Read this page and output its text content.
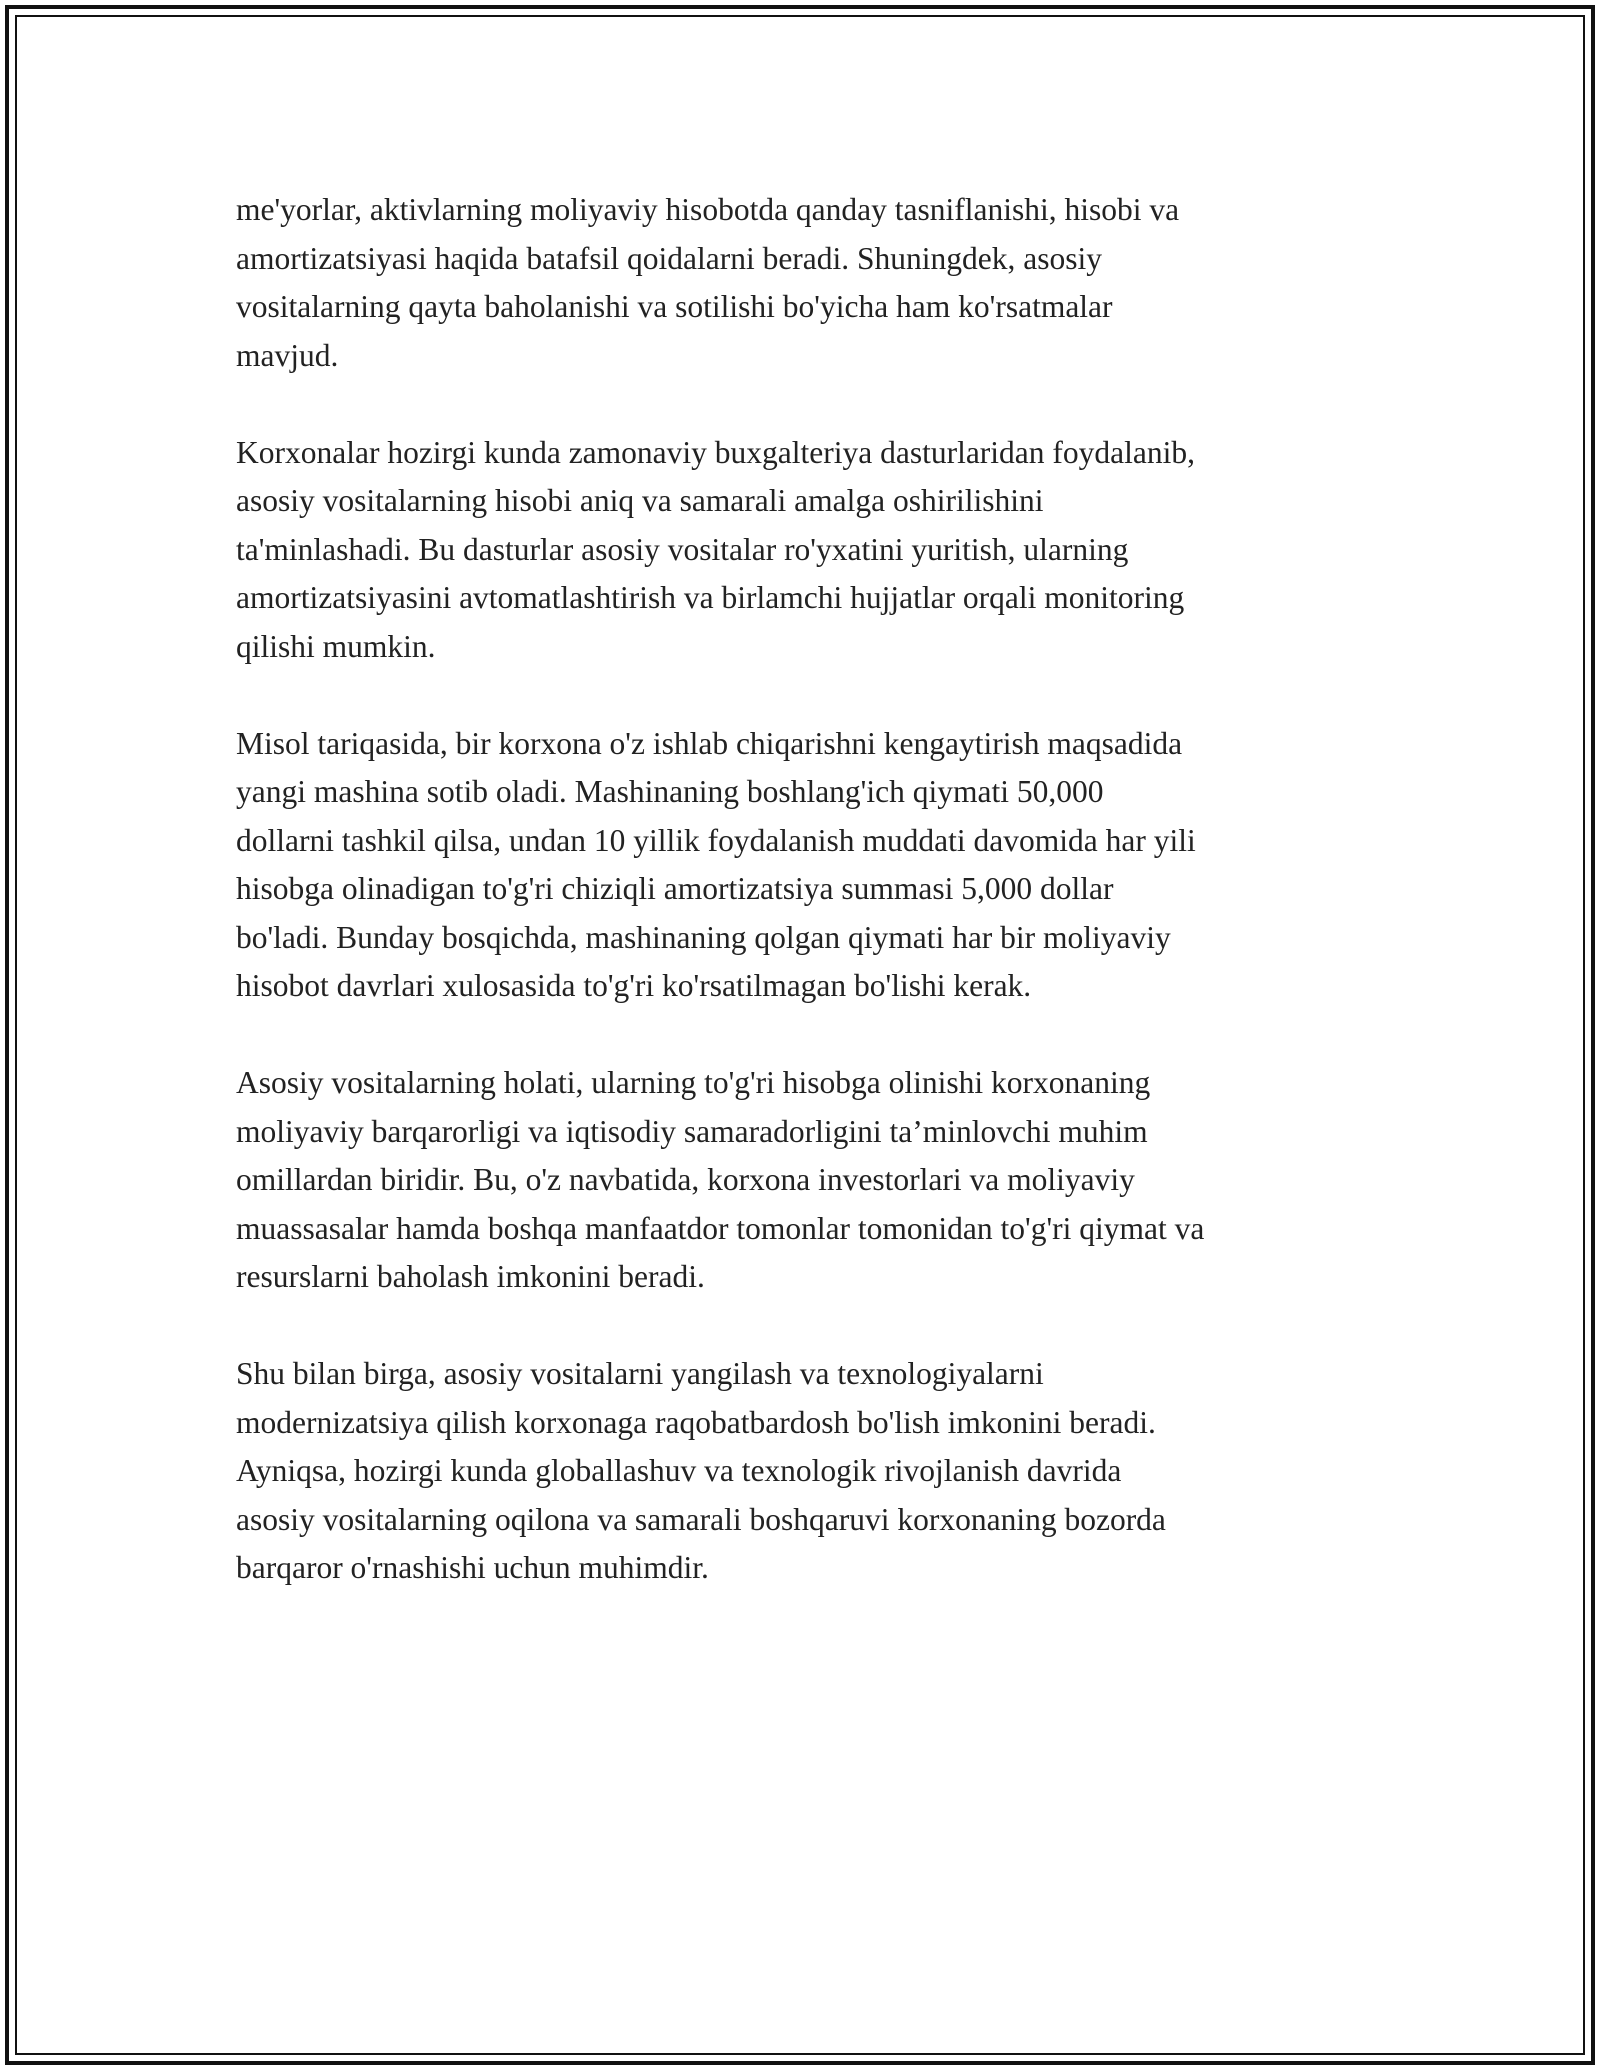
me'yorlar, aktivlarning moliyaviy hisobotda qanday tasniflanishi, hisobi va
amortizatsiyasi haqida batafsil qoidalarni beradi. Shuningdek, asosiy
vositalarning qayta baholanishi va sotilishi bo'yicha ham ko'rsatmalar
mavjud.

Korxonalar hozirgi kunda zamonaviy buxgalteriya dasturlaridan foydalanib,
asosiy vositalarning hisobi aniq va samarali amalga oshirilishini
ta'minlashadi. Bu dasturlar asosiy vositalar ro'yxatini yuritish, ularning
amortizatsiyasini avtomatlashtirish va birlamchi hujjatlar orqali monitoring
qilishi mumkin.

Misol tariqasida, bir korxona o'z ishlab chiqarishni kengaytirish maqsadida
yangi mashina sotib oladi. Mashinaning boshlang'ich qiymati 50,000
dollarni tashkil qilsa, undan 10 yillik foydalanish muddati davomida har yili
hisobga olinadigan to'g'ri chiziqli amortizatsiya summasi 5,000 dollar
bo'ladi. Bunday bosqichda, mashinaning qolgan qiymati har bir moliyaviy
hisobot davrlari xulosasida to'g'ri ko'rsatilmagan bo'lishi kerak.

Asosiy vositalarning holati, ularning to'g'ri hisobga olinishi korxonaning
moliyaviy barqarorligi va iqtisodiy samaradorligini ta’minlovchi muhim
omillardan biridir. Bu, o'z navbatida, korxona investorlari va moliyaviy
muassasalar hamda boshqa manfaatdor tomonlar tomonidan to'g'ri qiymat va
resurslarni baholash imkonini beradi.

Shu bilan birga, asosiy vositalarni yangilash va texnologiyalarni
modernizatsiya qilish korxonaga raqobatbardosh bo'lish imkonini beradi.
Ayniqsa, hozirgi kunda globallashuv va texnologik rivojlanish davrida
asosiy vositalarning oqilona va samarali boshqaruvi korxonaning bozorda
barqaror o'rnashishi uchun muhimdir.
